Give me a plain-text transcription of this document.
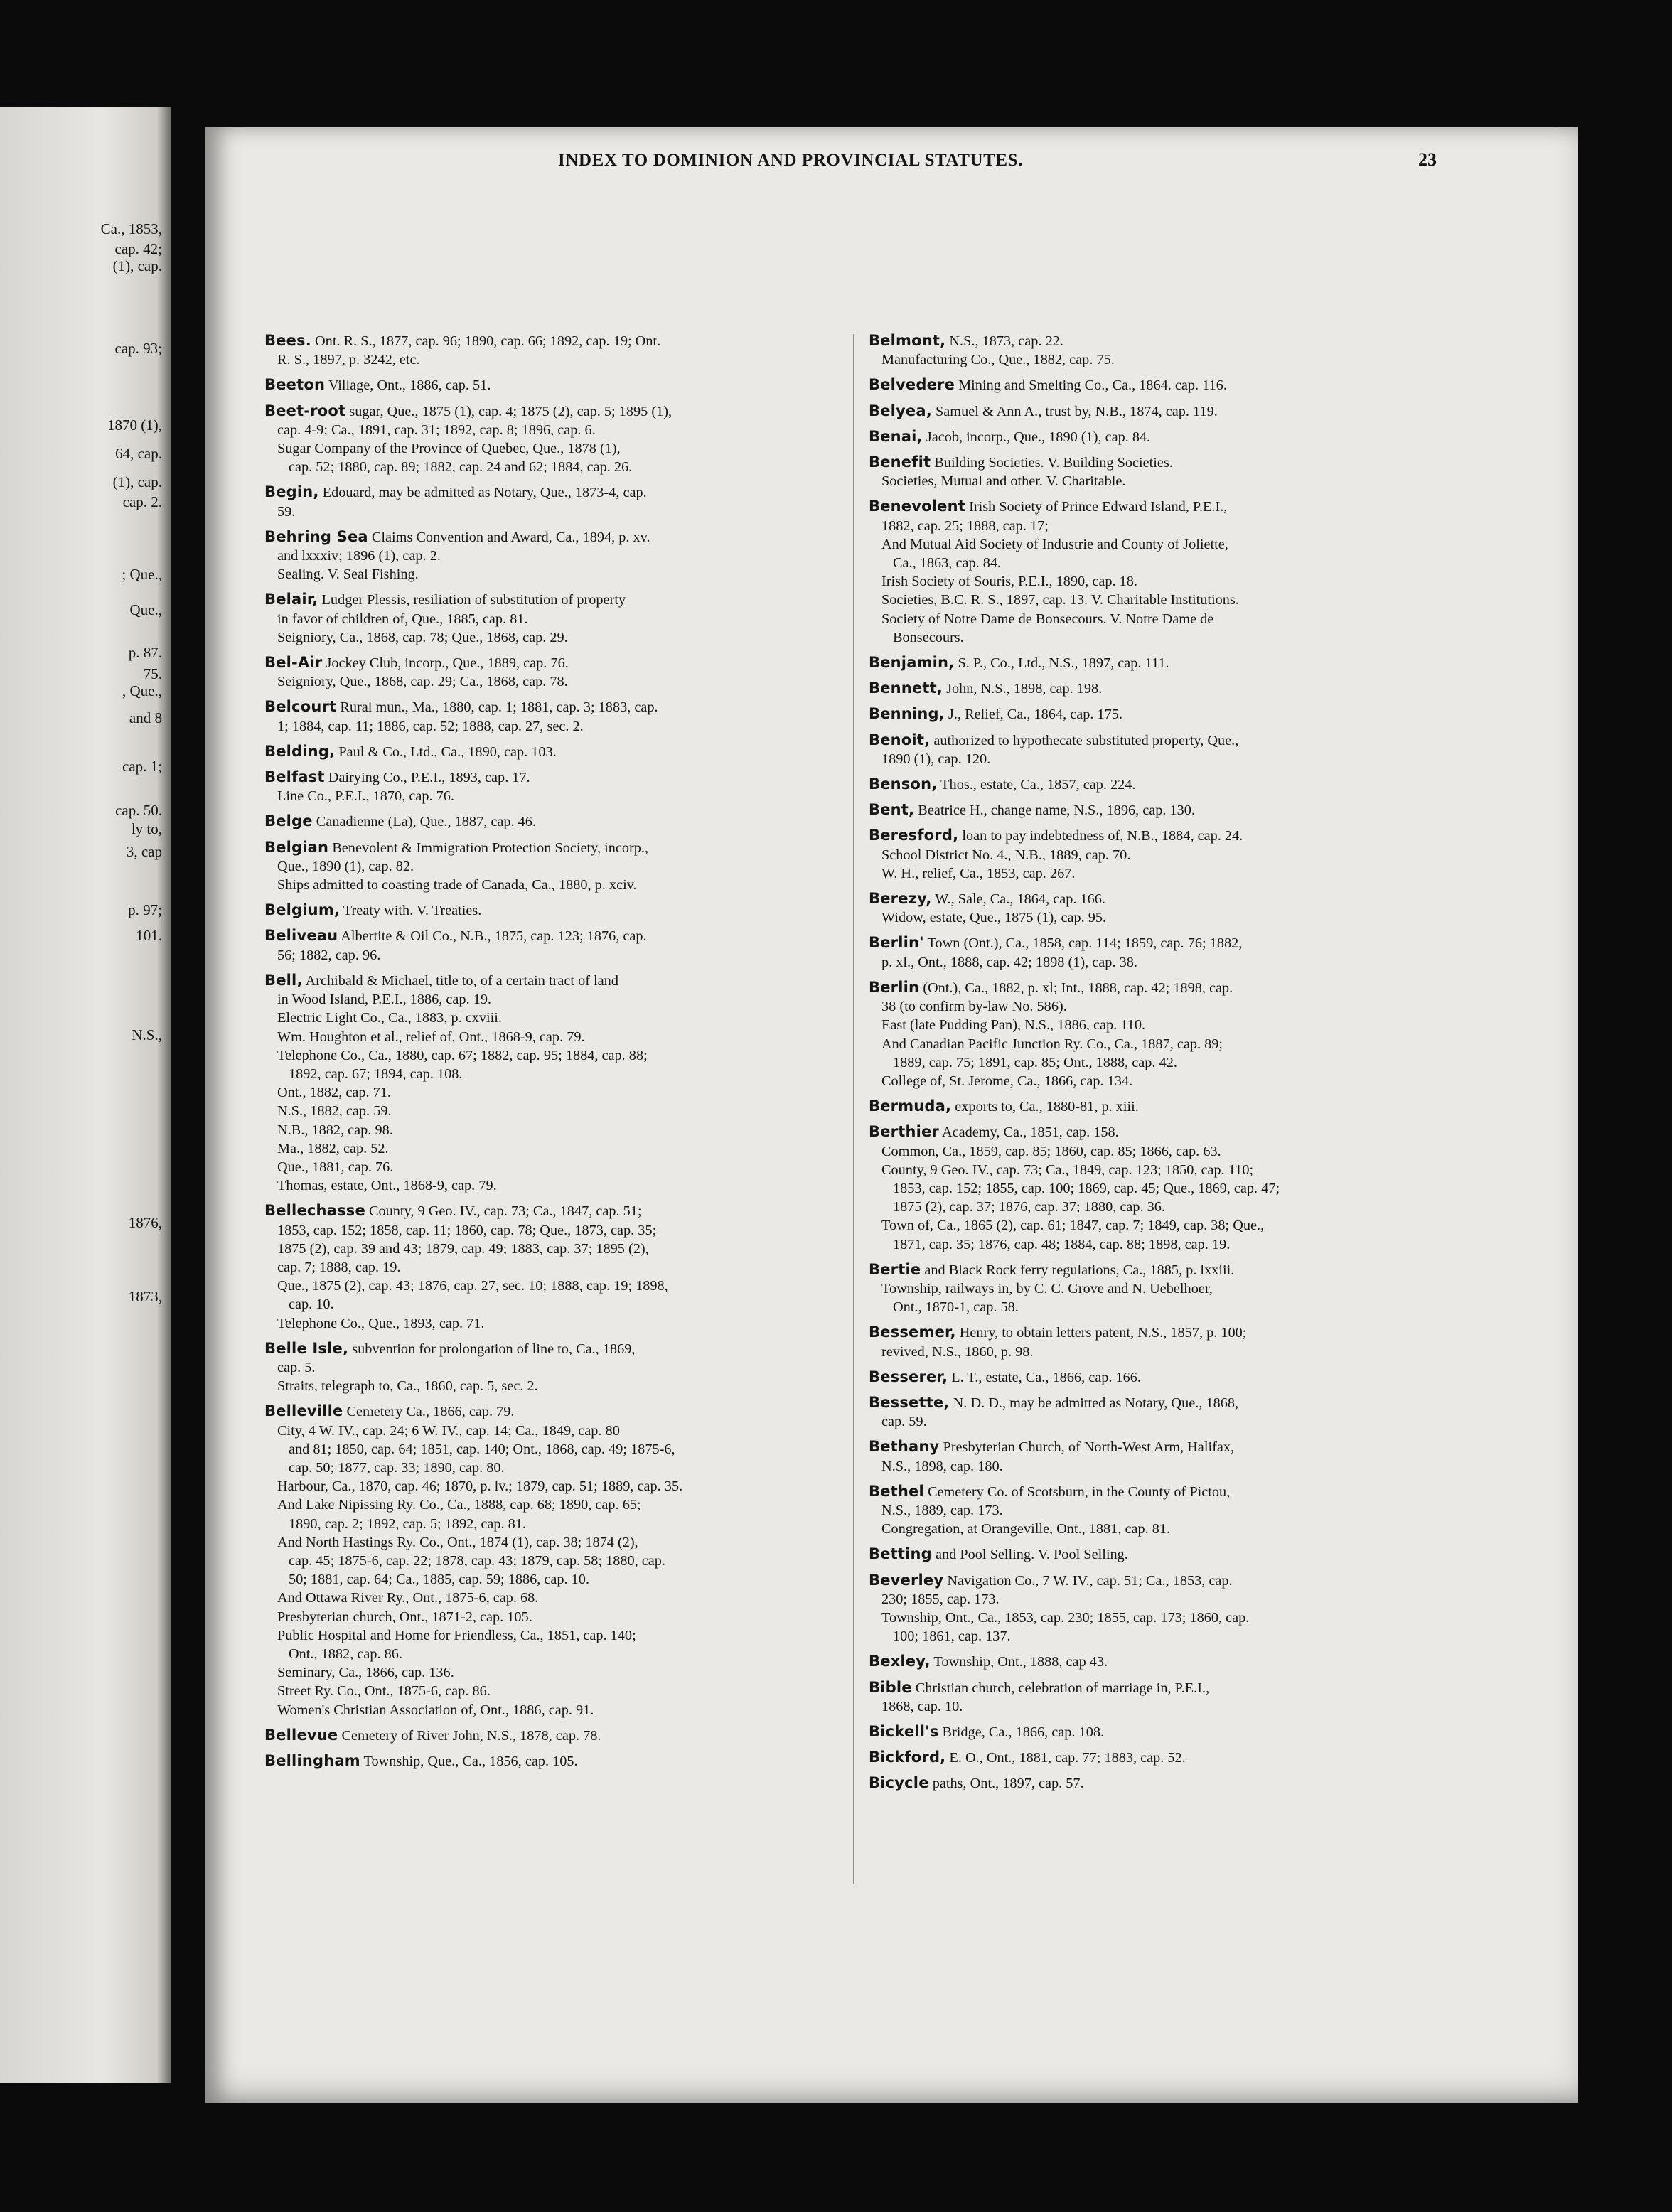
Ca., 1853,
cap. 42;
(1), cap.
cap. 93;
1870 (1),
64, cap.
(1), cap.
cap. 2.
; Que.,
Que.,
p. 87.
75.
, Que.,
and 8
cap. 1;
cap. 50.
ly to,
3, cap
p. 97;
101.
N.S.,
1876,
1873,
INDEX TO DOMINION AND PROVINCIAL STATUTES.	23
Bees. Ont. R. S., 1877, cap. 96; 1890, cap. 66; 1892, cap. 19; Ont.
R. S., 1897, p. 3242, etc.
Beeton Village, Ont., 1886, cap. 51.
Beet-root sugar, Que., 1875 (1), cap. 4; 1875 (2), cap. 5; 1895 (1),
cap. 4-9; Ca., 1891, cap. 31; 1892, cap. 8; 1896, cap. 6.
Sugar Company of the Province of Quebec, Que., 1878 (1),
cap. 52; 1880, cap. 89; 1882, cap. 24 and 62; 1884, cap. 26.
Begin, Edouard, may be admitted as Notary, Que., 1873-4, cap.
59.
Behring Sea Claims Convention and Award, Ca., 1894, p. xv.
and lxxxiv; 1896 (1), cap. 2.
Sealing. V. Seal Fishing.
Belair, Ludger Plessis, resiliation of substitution of property
in favor of children of, Que., 1885, cap. 81.
Seigniory, Ca., 1868, cap. 78; Que., 1868, cap. 29.
Bel-Air Jockey Club, incorp., Que., 1889, cap. 76.
Seigniory, Que., 1868, cap. 29; Ca., 1868, cap. 78.
Belcourt Rural mun., Ma., 1880, cap. 1; 1881, cap. 3; 1883, cap.
1; 1884, cap. 11; 1886, cap. 52; 1888, cap. 27, sec. 2.
Belding, Paul & Co., Ltd., Ca., 1890, cap. 103.
Belfast Dairying Co., P.E.I., 1893, cap. 17.
Line Co., P.E.I., 1870, cap. 76.
Belge Canadienne (La), Que., 1887, cap. 46.
Belgian Benevolent & Immigration Protection Society, incorp.,
Que., 1890 (1), cap. 82.
Ships admitted to coasting trade of Canada, Ca., 1880, p. xciv.
Belgium, Treaty with. V. Treaties.
Beliveau Albertite & Oil Co., N.B., 1875, cap. 123; 1876, cap.
56; 1882, cap. 96.
Bell, Archibald & Michael, title to, of a certain tract of land
in Wood Island, P.E.I., 1886, cap. 19.
Electric Light Co., Ca., 1883, p. cxviii.
Wm. Houghton et al., relief of, Ont., 1868-9, cap. 79.
Telephone Co., Ca., 1880, cap. 67; 1882, cap. 95; 1884, cap. 88;
1892, cap. 67; 1894, cap. 108.
Ont., 1882, cap. 71.
N.S., 1882, cap. 59.
N.B., 1882, cap. 98.
Ma., 1882, cap. 52.
Que., 1881, cap. 76.
Thomas, estate, Ont., 1868-9, cap. 79.
Bellechasse County, 9 Geo. IV., cap. 73; Ca., 1847, cap. 51;
1853, cap. 152; 1858, cap. 11; 1860, cap. 78; Que., 1873, cap. 35;
1875 (2), cap. 39 and 43; 1879, cap. 49; 1883, cap. 37; 1895 (2),
cap. 7; 1888, cap. 19.
Que., 1875 (2), cap. 43; 1876, cap. 27, sec. 10; 1888, cap. 19; 1898,
cap. 10.
Telephone Co., Que., 1893, cap. 71.
Belle Isle, subvention for prolongation of line to, Ca., 1869,
cap. 5.
Straits, telegraph to, Ca., 1860, cap. 5, sec. 2.
Belleville Cemetery Ca., 1866, cap. 79.
City, 4 W. IV., cap. 24; 6 W. IV., cap. 14; Ca., 1849, cap. 80
and 81; 1850, cap. 64; 1851, cap. 140; Ont., 1868, cap. 49; 1875-6,
cap. 50; 1877, cap. 33; 1890, cap. 80.
Harbour, Ca., 1870, cap. 46; 1870, p. lv.; 1879, cap. 51; 1889, cap. 35.
And Lake Nipissing Ry. Co., Ca., 1888, cap. 68; 1890, cap. 65;
1890, cap. 2; 1892, cap. 5; 1892, cap. 81.
And North Hastings Ry. Co., Ont., 1874 (1), cap. 38; 1874 (2),
cap. 45; 1875-6, cap. 22; 1878, cap. 43; 1879, cap. 58; 1880, cap.
50; 1881, cap. 64; Ca., 1885, cap. 59; 1886, cap. 10.
And Ottawa River Ry., Ont., 1875-6, cap. 68.
Presbyterian church, Ont., 1871-2, cap. 105.
Public Hospital and Home for Friendless, Ca., 1851, cap. 140;
Ont., 1882, cap. 86.
Seminary, Ca., 1866, cap. 136.
Street Ry. Co., Ont., 1875-6, cap. 86.
Women's Christian Association of, Ont., 1886, cap. 91.
Bellevue Cemetery of River John, N.S., 1878, cap. 78.
Bellingham Township, Que., Ca., 1856, cap. 105.
Belmont, N.S., 1873, cap. 22.
Manufacturing Co., Que., 1882, cap. 75.
Belvedere Mining and Smelting Co., Ca., 1864. cap. 116.
Belyea, Samuel & Ann A., trust by, N.B., 1874, cap. 119.
Benai, Jacob, incorp., Que., 1890 (1), cap. 84.
Benefit Building Societies. V. Building Societies.
Societies, Mutual and other. V. Charitable.
Benevolent Irish Society of Prince Edward Island, P.E.I.,
1882, cap. 25; 1888, cap. 17;
And Mutual Aid Society of Industrie and County of Joliette,
Ca., 1863, cap. 84.
Irish Society of Souris, P.E.I., 1890, cap. 18.
Societies, B.C. R. S., 1897, cap. 13. V. Charitable Institutions.
Society of Notre Dame de Bonsecours. V. Notre Dame de
Bonsecours.
Benjamin, S. P., Co., Ltd., N.S., 1897, cap. 111.
Bennett, John, N.S., 1898, cap. 198.
Benning, J., Relief, Ca., 1864, cap. 175.
Benoit, authorized to hypothecate substituted property, Que.,
1890 (1), cap. 120.
Benson, Thos., estate, Ca., 1857, cap. 224.
Bent, Beatrice H., change name, N.S., 1896, cap. 130.
Beresford, loan to pay indebtedness of, N.B., 1884, cap. 24.
School District No. 4., N.B., 1889, cap. 70.
W. H., relief, Ca., 1853, cap. 267.
Berezy, W., Sale, Ca., 1864, cap. 166.
Widow, estate, Que., 1875 (1), cap. 95.
Berlin' Town (Ont.), Ca., 1858, cap. 114; 1859, cap. 76; 1882,
p. xl., Ont., 1888, cap. 42; 1898 (1), cap. 38.
Berlin (Ont.), Ca., 1882, p. xl; Int., 1888, cap. 42; 1898, cap.
38 (to confirm by-law No. 586).
East (late Pudding Pan), N.S., 1886, cap. 110.
And Canadian Pacific Junction Ry. Co., Ca., 1887, cap. 89;
1889, cap. 75; 1891, cap. 85; Ont., 1888, cap. 42.
College of, St. Jerome, Ca., 1866, cap. 134.
Bermuda, exports to, Ca., 1880-81, p. xiii.
Berthier Academy, Ca., 1851, cap. 158.
Common, Ca., 1859, cap. 85; 1860, cap. 85; 1866, cap. 63.
County, 9 Geo. IV., cap. 73; Ca., 1849, cap. 123; 1850, cap. 110;
1853, cap. 152; 1855, cap. 100; 1869, cap. 45; Que., 1869, cap. 47;
1875 (2), cap. 37; 1876, cap. 37; 1880, cap. 36.
Town of, Ca., 1865 (2), cap. 61; 1847, cap. 7; 1849, cap. 38; Que.,
1871, cap. 35; 1876, cap. 48; 1884, cap. 88; 1898, cap. 19.
Bertie and Black Rock ferry regulations, Ca., 1885, p. lxxiii.
Township, railways in, by C. C. Grove and N. Uebelhoer,
Ont., 1870-1, cap. 58.
Bessemer, Henry, to obtain letters patent, N.S., 1857, p. 100;
revived, N.S., 1860, p. 98.
Besserer, L. T., estate, Ca., 1866, cap. 166.
Bessette, N. D. D., may be admitted as Notary, Que., 1868,
cap. 59.
Bethany Presbyterian Church, of North-West Arm, Halifax,
N.S., 1898, cap. 180.
Bethel Cemetery Co. of Scotsburn, in the County of Pictou,
N.S., 1889, cap. 173.
Congregation, at Orangeville, Ont., 1881, cap. 81.
Betting and Pool Selling. V. Pool Selling.
Beverley Navigation Co., 7 W. IV., cap. 51; Ca., 1853, cap.
230; 1855, cap. 173.
Township, Ont., Ca., 1853, cap. 230; 1855, cap. 173; 1860, cap.
100; 1861, cap. 137.
Bexley, Township, Ont., 1888, cap 43.
Bible Christian church, celebration of marriage in, P.E.I.,
1868, cap. 10.
Bickell's Bridge, Ca., 1866, cap. 108.
Bickford, E. O., Ont., 1881, cap. 77; 1883, cap. 52.
Bicycle paths, Ont., 1897, cap. 57.
